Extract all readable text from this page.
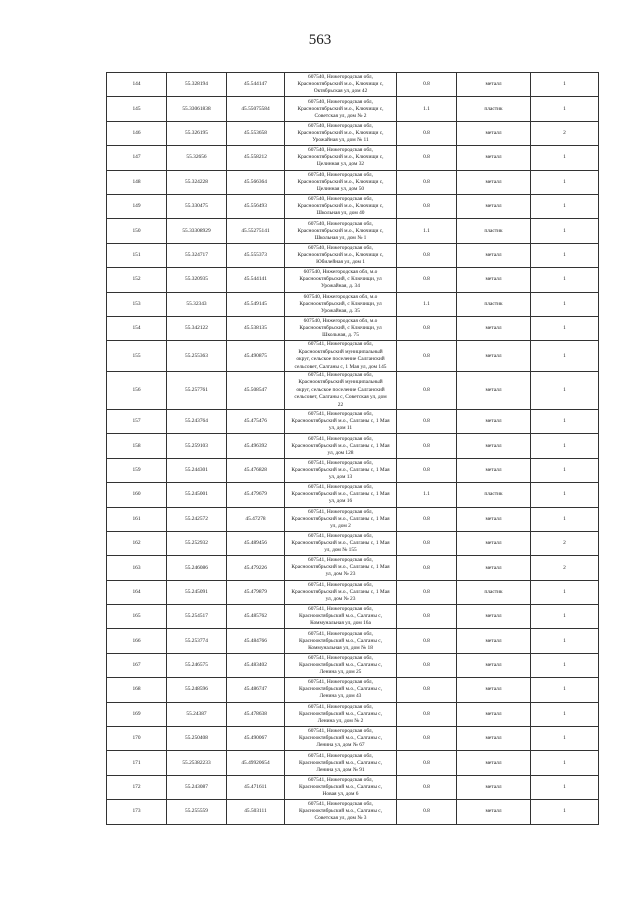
563
144	55.328194	45.544147	607540, Нижегородская обл,
Краснооктябрьский м.о., Ключищи с,
Октябрьская ул, дом 42	0.8	металл	1
145	55.33061838	45.55075584	607540, Нижегородская обл,
Краснооктябрьский м.о., Ключищи с,
Советская ул, дом № 2	1.1	пластик	1
146	55.326195	45.553658	607540, Нижегородская обл,
Краснооктябрьский м.о., Ключищи с,
Урожайная ул, дом № 11	0.8	металл	2
147	55.32656	45.558212	607540, Нижегородская обл,
Краснооктябрьский м.о., Ключищи с,
Целинная ул, дом 32	0.8	металл	1
148	55.324228	45.566364	607540, Нижегородская обл,
Краснооктябрьский м.о., Ключищи с,
Целинная ул, дом 50	0.8	металл	1
149	55.330475	45.556493	607540, Нижегородская обл,
Краснооктябрьский м.о., Ключищи с,
Школьная ул, дом 40	0.8	металл	1
150	55.33308929	45.55275141	607540, Нижегородская обл,
Краснооктябрьский м.о., Ключищи с,
Школьная ул, дом № 1	1.1	пластик	1
151	55.324717	45.555373	607540, Нижегородская обл,
Краснооктябрьский м.о., Ключищи с,
Юбилейная ул, дом 1	0.8	металл	1
152	55.320935	45.544141	607540, Нижегородская обл, м.о
Краснооктябрьский, с Ключищи, ул
Урожайная, д. 34	0.8	металл	1
153	55.32343	45.549145	607540, Нижегородская обл, м.о
Краснооктябрьский, с Ключищи, ул
Урожайная, д. 35	1.1	пластик	1
154	55.342122	45.538135	607540, Нижегородская обл, м.о
Краснооктябрьский, с Ключищи, ул
Школьная, д. 75	0.8	металл	1
155	55.255363	45.490875	607541, Нижегородская обл,
Краснооктябрьский муниципальный
округ, сельское поселение Салганский
сельсовет, Салганы с, 1 Мая ул, дом 145	0.8	металл	1
156	55.257761	45.508547	607541, Нижегородская обл,
Краснооктябрьский муниципальный
округ, сельское поселение Салганский
сельсовет, Салганы с, Советская ул, дом
22	0.8	металл	1
157	55.243764	45.475476	607541, Нижегородская обл,
Краснооктябрьский м.о., Салганы с, 1 Мая
ул, дом 11	0.8	металл	1
158	55.259103	45.496392	607541, Нижегородская обл,
Краснооктябрьский м.о., Салганы с, 1 Мая
ул, дом 128	0.8	металл	1
159	55.244301	45.476828	607541, Нижегородская обл,
Краснооктябрьский м.о., Салганы с, 1 Мая
ул, дом 13	0.8	металл	1
160	55.245001	45.479679	607541, Нижегородская обл,
Краснооктябрьский м.о., Салганы с, 1 Мая
ул, дом 16	1.1	пластик	1
161	55.242572	45.47278	607541, Нижегородская обл,
Краснооктябрьский м.о., Салганы с, 1 Мая
ул, дом 2	0.8	металл	1
162	55.252932	45.489456	607541, Нижегородская обл,
Краснооктябрьский м.о., Салганы с, 1 Мая
ул, дом № 155	0.8	металл	2
163	55.246086	45.479226	607541, Нижегородская обл,
Краснооктябрьский м.о., Салганы с, 1 Мая
ул, дом № 23	0.8	металл	2
164	55.245091	45.479879	607541, Нижегородская обл,
Краснооктябрьский м.о., Салганы с, 1 Мая
ул, дом № 23	0.8	пластик	1
165	55.254517	45.485762	607541, Нижегородская обл,
Краснооктябрьский м.о., Салганы с,
Коммунальная ул, дом 16а	0.8	металл	1
166	55.253774	45.484766	607541, Нижегородская обл,
Краснооктябрьский м.о., Салганы с,
Коммунальная ул, дом № 18	0.8	металл	1
167	55.246575	45.483402	607541, Нижегородская обл,
Краснооктябрьский м.о., Салганы с,
Ленина ул, дом 25	0.8	металл	1
168	55.248596	45.486747	607541, Нижегородская обл,
Краснооктябрьский м.о., Салганы с,
Ленина ул, дом 43	0.8	металл	1
169	55.24387	45.478638	607541, Нижегородская обл,
Краснооктябрьский м.о., Салганы с,
Ленина ул, дом № 2	0.8	металл	1
170	55.250408	45.490067	607541, Нижегородская обл,
Краснооктябрьский м.о., Салганы с,
Ленина ул, дом № 67	0.8	металл	1
171	55.25382233	45.49920654	607541, Нижегородская обл,
Краснооктябрьский м.о., Салганы с,
Ленина ул, дом № 91	0.8	металл	1
172	55.243087	45.471611	607541, Нижегородская обл,
Краснооктябрьский м.о., Салганы с,
Новая ул, дом 6	0.8	металл	1
173	55.255559	45.503111	607541, Нижегородская обл,
Краснооктябрьский м.о., Салганы с,
Советская ул, дом № 3	0.8	металл	1
